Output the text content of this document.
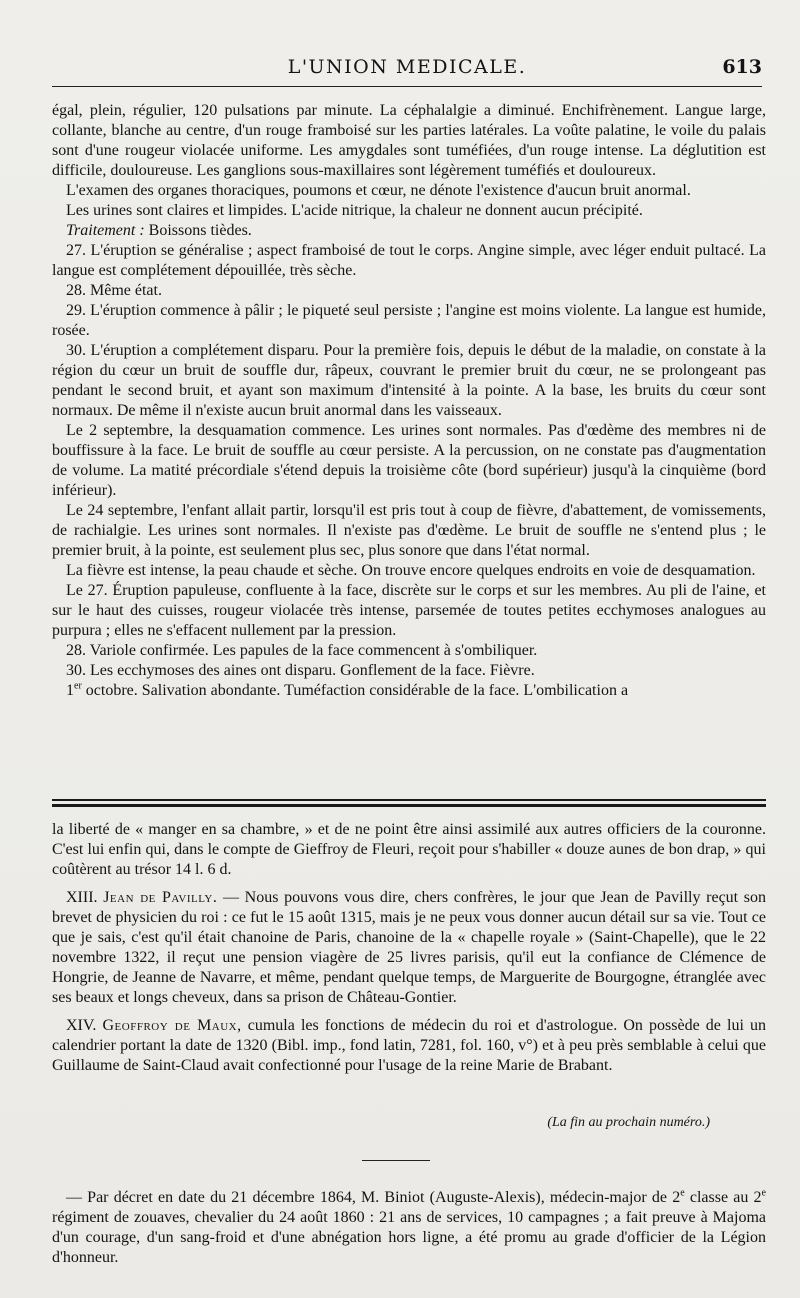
L'UNION MEDICALE.	613

égal, plein, régulier, 120 pulsations par minute. La céphalalgie a diminué. Enchifrènement. Langue large, collante, blanche au centre, d'un rouge framboisé sur les parties latérales. La voûte palatine, le voile du palais sont d'une rougeur violacée uniforme. Les amygdales sont tuméfiées, d'un rouge intense. La déglutition est difficile, douloureuse. Les ganglions sous-maxillaires sont légèrement tuméfiés et douloureux.

L'examen des organes thoraciques, poumons et cœur, ne dénote l'existence d'aucun bruit anormal.

Les urines sont claires et limpides. L'acide nitrique, la chaleur ne donnent aucun précipité.

Traitement : Boissons tièdes.

27. L'éruption se généralise ; aspect framboisé de tout le corps. Angine simple, avec léger enduit pultacé. La langue est complétement dépouillée, très sèche.

28. Même état.

29. L'éruption commence à pâlir ; le piqueté seul persiste ; l'angine est moins violente. La langue est humide, rosée.

30. L'éruption a complétement disparu. Pour la première fois, depuis le début de la maladie, on constate à la région du cœur un bruit de souffle dur, râpeux, couvrant le premier bruit du cœur, ne se prolongeant pas pendant le second bruit, et ayant son maximum d'intensité à la pointe. A la base, les bruits du cœur sont normaux. De même il n'existe aucun bruit anormal dans les vaisseaux.

Le 2 septembre, la desquamation commence. Les urines sont normales. Pas d'œdème des membres ni de bouffissure à la face. Le bruit de souffle au cœur persiste. A la percussion, on ne constate pas d'augmentation de volume. La matité précordiale s'étend depuis la troisième côte (bord supérieur) jusqu'à la cinquième (bord inférieur).

Le 24 septembre, l'enfant allait partir, lorsqu'il est pris tout à coup de fièvre, d'abattement, de vomissements, de rachialgie. Les urines sont normales. Il n'existe pas d'œdème. Le bruit de souffle ne s'entend plus ; le premier bruit, à la pointe, est seulement plus sec, plus sonore que dans l'état normal.

La fièvre est intense, la peau chaude et sèche. On trouve encore quelques endroits en voie de desquamation.

Le 27. Éruption papuleuse, confluente à la face, discrète sur le corps et sur les membres. Au pli de l'aine, et sur le haut des cuisses, rougeur violacée très intense, parsemée de toutes petites ecchymoses analogues au purpura ; elles ne s'effacent nullement par la pression.

28. Variole confirmée. Les papules de la face commencent à s'ombiliquer.

30. Les ecchymoses des aines ont disparu. Gonflement de la face. Fièvre.

1er octobre. Salivation abondante. Tuméfaction considérable de la face. L'ombilication a

la liberté de « manger en sa chambre, » et de ne point être ainsi assimilé aux autres officiers de la couronne. C'est lui enfin qui, dans le compte de Gieffroy de Fleuri, reçoit pour s'habiller « douze aunes de bon drap, » qui coûtèrent au trésor 14 l. 6 d.

XIII. Jean de Pavilly. — Nous pouvons vous dire, chers confrères, le jour que Jean de Pavilly reçut son brevet de physicien du roi : ce fut le 15 août 1315, mais je ne peux vous donner aucun détail sur sa vie. Tout ce que je sais, c'est qu'il était chanoine de Paris, chanoine de la « chapelle royale » (Saint-Chapelle), que le 22 novembre 1322, il reçut une pension viagère de 25 livres parisis, qu'il eut la confiance de Clémence de Hongrie, de Jeanne de Navarre, et même, pendant quelque temps, de Marguerite de Bourgogne, étranglée avec ses beaux et longs cheveux, dans sa prison de Château-Gontier.

XIV. Geoffroy de Maux, cumula les fonctions de médecin du roi et d'astrologue. On possède de lui un calendrier portant la date de 1320 (Bibl. imp., fond latin, 7281, fol. 160, v°) et à peu près semblable à celui que Guillaume de Saint-Claud avait confectionné pour l'usage de la reine Marie de Brabant.

(La fin au prochain numéro.)

— Par décret en date du 21 décembre 1864, M. Biniot (Auguste-Alexis), médecin-major de 2e classe au 2e régiment de zouaves, chevalier du 24 août 1860 : 21 ans de services, 10 campagnes ; a fait preuve à Majoma d'un courage, d'un sang-froid et d'une abnégation hors ligne, a été promu au grade d'officier de la Légion d'honneur.
